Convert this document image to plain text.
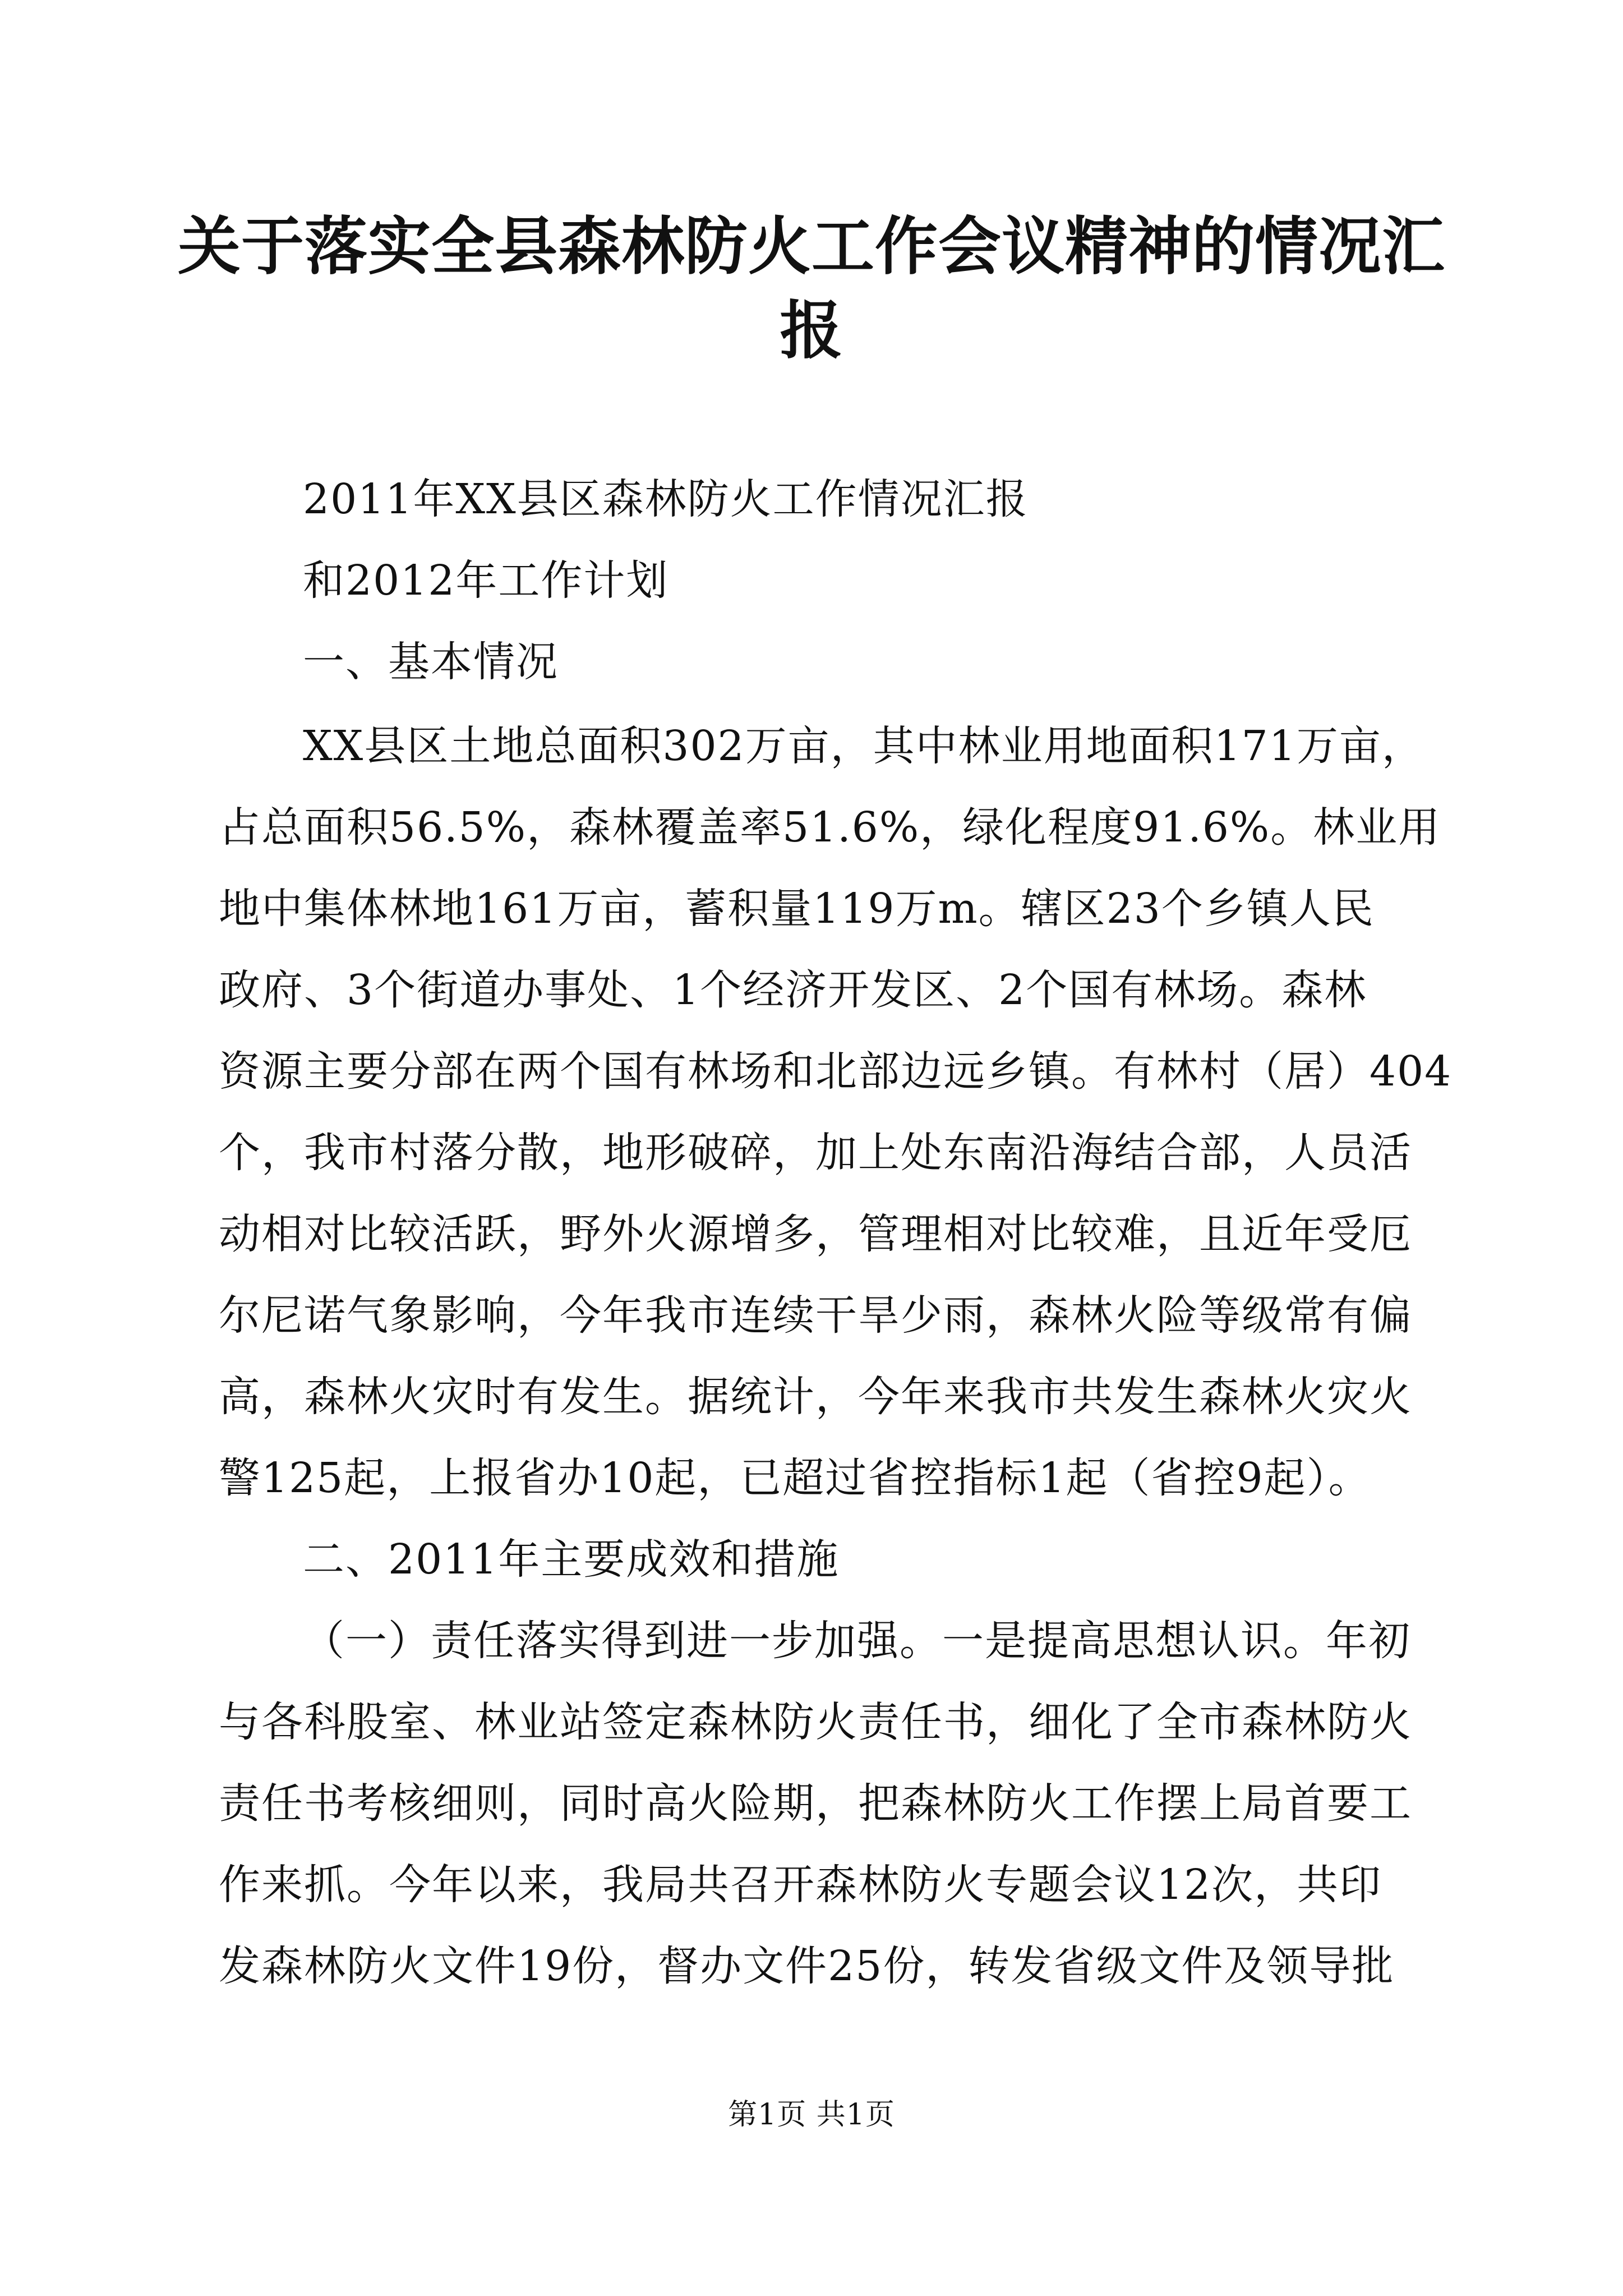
关于落实全县森林防火工作会议精神的情况汇
报

2011年XX县区森林防火工作情况汇报

和2012年工作计划

一、基本情况

XX县区土地总面积302万亩，其中林业用地面积171万亩，

占总面积56.5%，森林覆盖率51.6%，绿化程度91.6%。林业用

地中集体林地161万亩，蓄积量119万m。辖区23个乡镇人民

政府、3个街道办事处、1个经济开发区、2个国有林场。森林

资源主要分部在两个国有林场和北部边远乡镇。有林村（居）404

个，我市村落分散，地形破碎，加上处东南沿海结合部，人员活

动相对比较活跃，野外火源增多，管理相对比较难，且近年受厄

尔尼诺气象影响，今年我市连续干旱少雨，森林火险等级常有偏

高，森林火灾时有发生。据统计，今年来我市共发生森林火灾火

警125起，上报省办10起，已超过省控指标1起（省控9起）。

二、2011年主要成效和措施

（一）责任落实得到进一步加强。一是提高思想认识。年初

与各科股室、林业站签定森林防火责任书，细化了全市森林防火

责任书考核细则，同时高火险期，把森林防火工作摆上局首要工

作来抓。今年以来，我局共召开森林防火专题会议12次，共印

发森林防火文件19份，督办文件25份，转发省级文件及领导批

第1页 共1页
